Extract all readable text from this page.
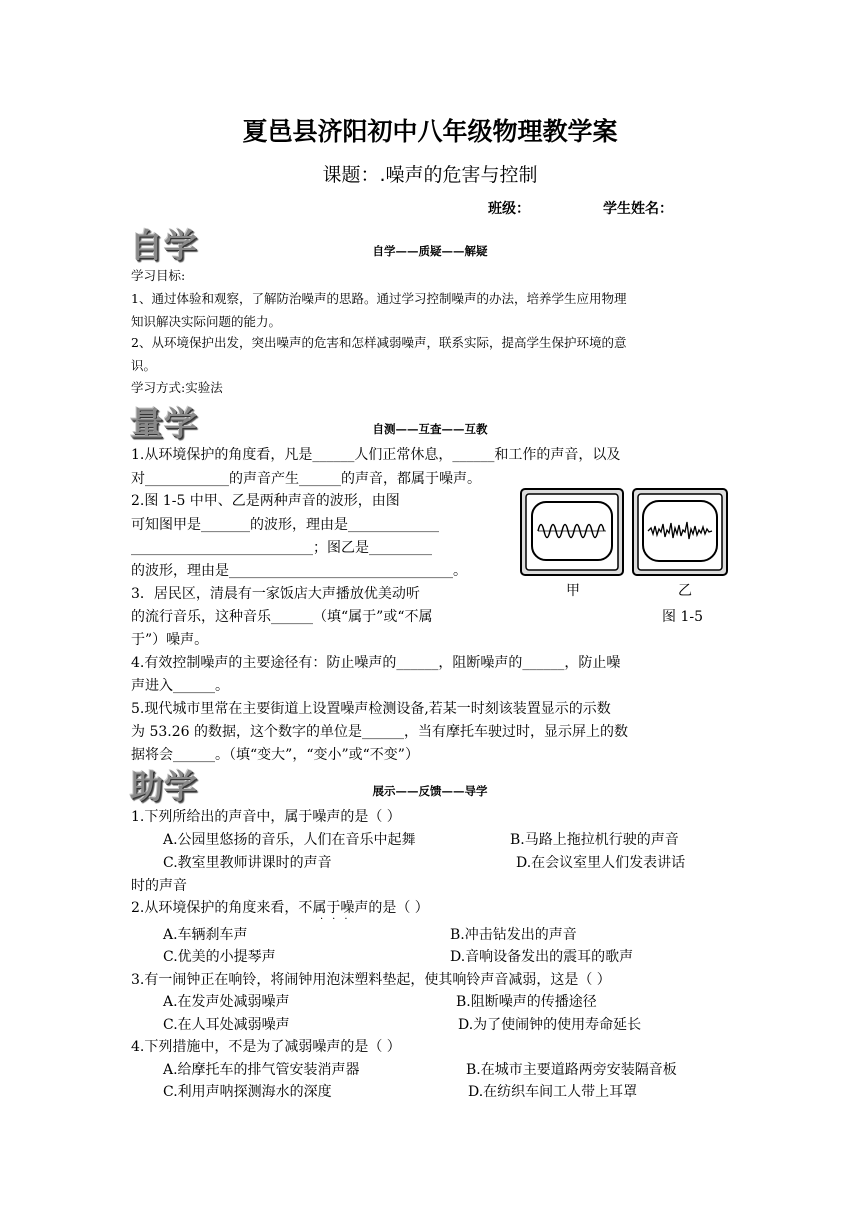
夏邑县济阳初中八年级物理教学案
课题：.噪声的危害与控制
班级：	学生姓名：
自学	自学——质疑——解疑
学习目标:
1、通过体验和观察，了解防治噪声的思路。通过学习控制噪声的办法，培养学生应用物理
知识解决实际问题的能力。
2、从环境保护出发，突出噪声的危害和怎样减弱噪声，联系实际，提高学生保护环境的意
识。
学习方式:实验法
量学	自测——互查——互教
1.从环境保护的角度看，凡是______人们正常休息，______和工作的声音，以及
对____________的声音产生______的声音，都属于噪声。
2.图 1-5 中甲、乙是两种声音的波形，由图
可知图甲是_______的波形，理由是_____________
__________________________；图乙是_________
的波形，理由是________________________________。
3．居民区，清晨有一家饭店大声播放优美动听
的流行音乐，这种音乐______（填“属于”或“不属
于”）噪声。
甲	乙
图 1-5
4.有效控制噪声的主要途径有：防止噪声的______，阻断噪声的______，防止噪
声进入______。
5.现代城市里常在主要街道上设置噪声检测设备,若某一时刻该装置显示的示数
为 53.26 的数据，这个数字的单位是______，当有摩托车驶过时，显示屏上的数
据将会______。（填“变大”，“变小”或“不变”）
助学	展示——反馈——导学
1.下列所给出的声音中，属于噪声的是（ ）
A.公园里悠扬的音乐，人们在音乐中起舞	B.马路上拖拉机行驶的声音
C.教室里教师讲课时的声音	D.在会议室里人们发表讲话
时的声音
2.从环境保护的角度来看，不属于噪声的是（ ）
···
A.车辆刹车声	B.冲击钻发出的声音
C.优美的小提琴声	D.音响设备发出的震耳的歌声
3.有一闹钟正在响铃，将闹钟用泡沫塑料垫起，使其响铃声音减弱，这是（ ）
A.在发声处减弱噪声	B.阻断噪声的传播途径
C.在人耳处减弱噪声	D.为了使闹钟的使用寿命延长
4.下列措施中，不是为了减弱噪声的是（ ）
A.给摩托车的排气管安装消声器	B.在城市主要道路两旁安装隔音板
C.利用声呐探测海水的深度	D.在纺织车间工人带上耳罩
